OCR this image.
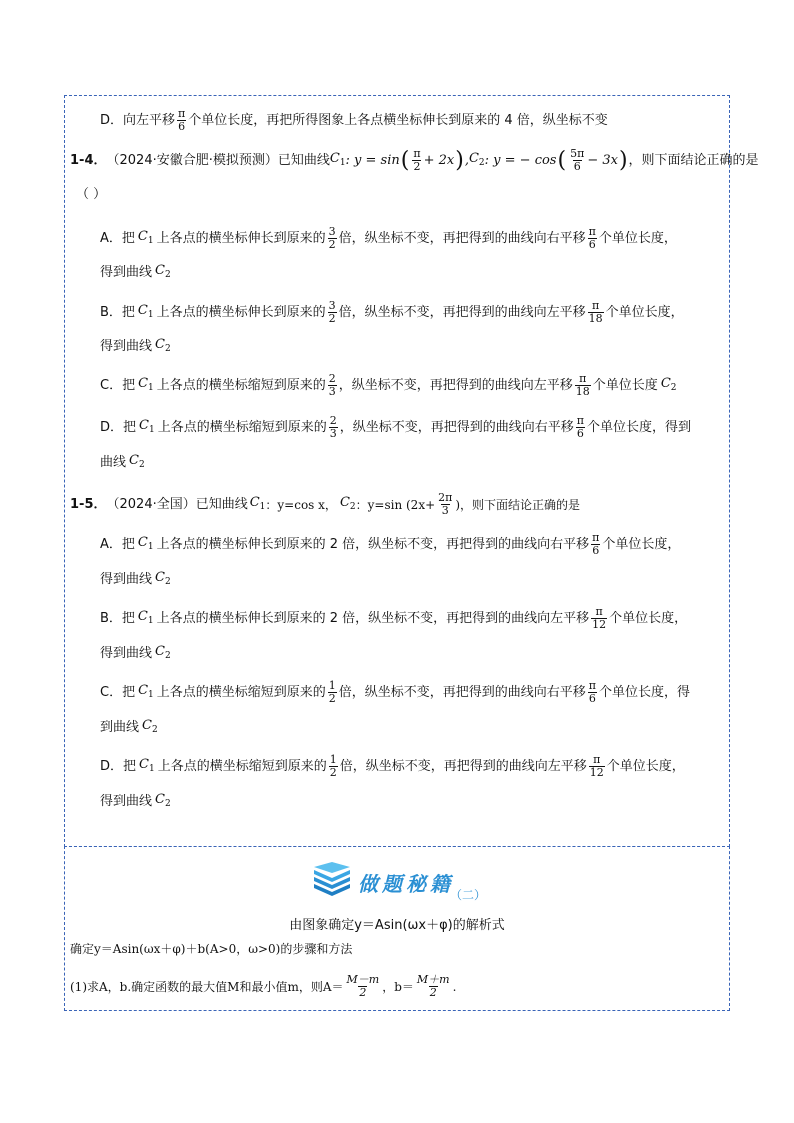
D．向左平移 $\frac{\pi}{6}$ 个单位长度，再把所得图象上各点横坐标伸长到原来的 4 倍，纵坐标不变
1-4． （2024·安徽合肥·模拟预测）已知曲线 $C_1$ : y = sin ( $\frac{\pi}{2} + 2x$ ) , $C_2$ : y = − cos ( $\frac{5\pi}{6} - 3x$ ) ，则下面结论正确的是
（ ）
A．把 $C_1$ 上各点的横坐标伸长到原来的 $\frac{3}{2}$ 倍，纵坐标不变，再把得到的曲线向右平移 $\frac{\pi}{6}$ 个单位长度，
得到曲线 $C_2$
B．把 $C_1$ 上各点的横坐标伸长到原来的 $\frac{3}{2}$ 倍，纵坐标不变，再把得到的曲线向左平移 $\frac{\pi}{18}$ 个单位长度，
得到曲线 $C_2$
C．把 $C_1$ 上各点的横坐标缩短到原来的 $\frac{2}{3}$ ，纵坐标不变，再把得到的曲线向左平移 $\frac{\pi}{18}$ 个单位长度 $C_2$
D．把 $C_1$ 上各点的横坐标缩短到原来的 $\frac{2}{3}$ ，纵坐标不变，再把得到的曲线向右平移 $\frac{\pi}{6}$ 个单位长度，得到
曲线 $C_2$
1-5． （2024·全国）已知曲线 $C_1$ ：y=cos x， $C_2$ ：y=sin ($2x+ \frac{2\pi}{3}$ )，则下面结论正确的是
A．把 $C_1$ 上各点的横坐标伸长到原来的 2 倍，纵坐标不变，再把得到的曲线向右平移 $\frac{\pi}{6}$ 个单位长度，
得到曲线 $C_2$
B．把 $C_1$ 上各点的横坐标伸长到原来的 2 倍，纵坐标不变，再把得到的曲线向左平移 $\frac{\pi}{12}$ 个单位长度，
得到曲线 $C_2$
C．把 $C_1$ 上各点的横坐标缩短到原来的 $\frac{1}{2}$ 倍，纵坐标不变，再把得到的曲线向右平移 $\frac{\pi}{6}$ 个单位长度，得
到曲线 $C_2$
D．把 $C_1$ 上各点的横坐标缩短到原来的 $\frac{1}{2}$ 倍，纵坐标不变，再把得到的曲线向左平移 $\frac{\pi}{12}$ 个单位长度，
得到曲线 $C_2$
做题秘籍
（二）
由图象确定y＝Asin(ωx＋φ)的解析式
确定y＝Asin(ωx＋φ)＋b(A>0，ω>0)的步骤和方法
(1)求A，b.确定函数的最大值M和最小值m，则$A= \frac{M-m}{2}$ ，$b= \frac{M+m}{2}$ .
